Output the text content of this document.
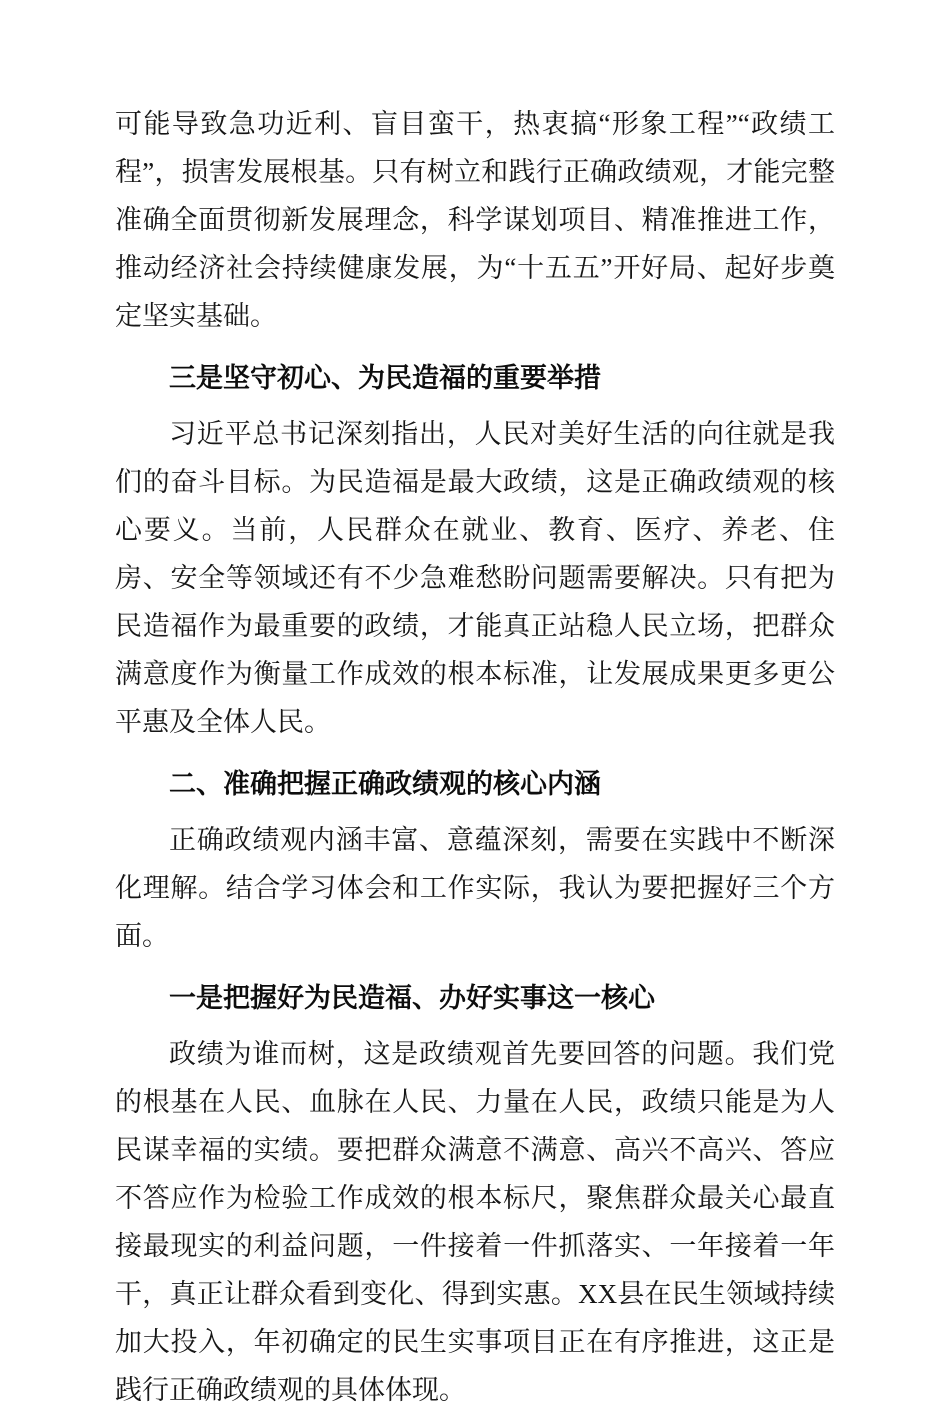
可能导致急功近利、盲目蛮干，热衷搞“形象工程”“政绩工程”，损害发展根基。只有树立和践行正确政绩观，才能完整准确全面贯彻新发展理念，科学谋划项目、精准推进工作，推动经济社会持续健康发展，为“十五五”开好局、起好步奠定坚实基础。

三是坚守初心、为民造福的重要举措

习近平总书记深刻指出，人民对美好生活的向往就是我们的奋斗目标。为民造福是最大政绩，这是正确政绩观的核心要义。当前，人民群众在就业、教育、医疗、养老、住房、安全等领域还有不少急难愁盼问题需要解决。只有把为民造福作为最重要的政绩，才能真正站稳人民立场，把群众满意度作为衡量工作成效的根本标准，让发展成果更多更公平惠及全体人民。

二、准确把握正确政绩观的核心内涵

正确政绩观内涵丰富、意蕴深刻，需要在实践中不断深化理解。结合学习体会和工作实际，我认为要把握好三个方面。

一是把握好为民造福、办好实事这一核心

政绩为谁而树，这是政绩观首先要回答的问题。我们党的根基在人民、血脉在人民、力量在人民，政绩只能是为人民谋幸福的实绩。要把群众满意不满意、高兴不高兴、答应不答应作为检验工作成效的根本标尺，聚焦群众最关心最直接最现实的利益问题，一件接着一件抓落实、一年接着一年干，真正让群众看到变化、得到实惠。XX县在民生领域持续加大投入，年初确定的民生实事项目正在有序推进，这正是践行正确政绩观的具体体现。
